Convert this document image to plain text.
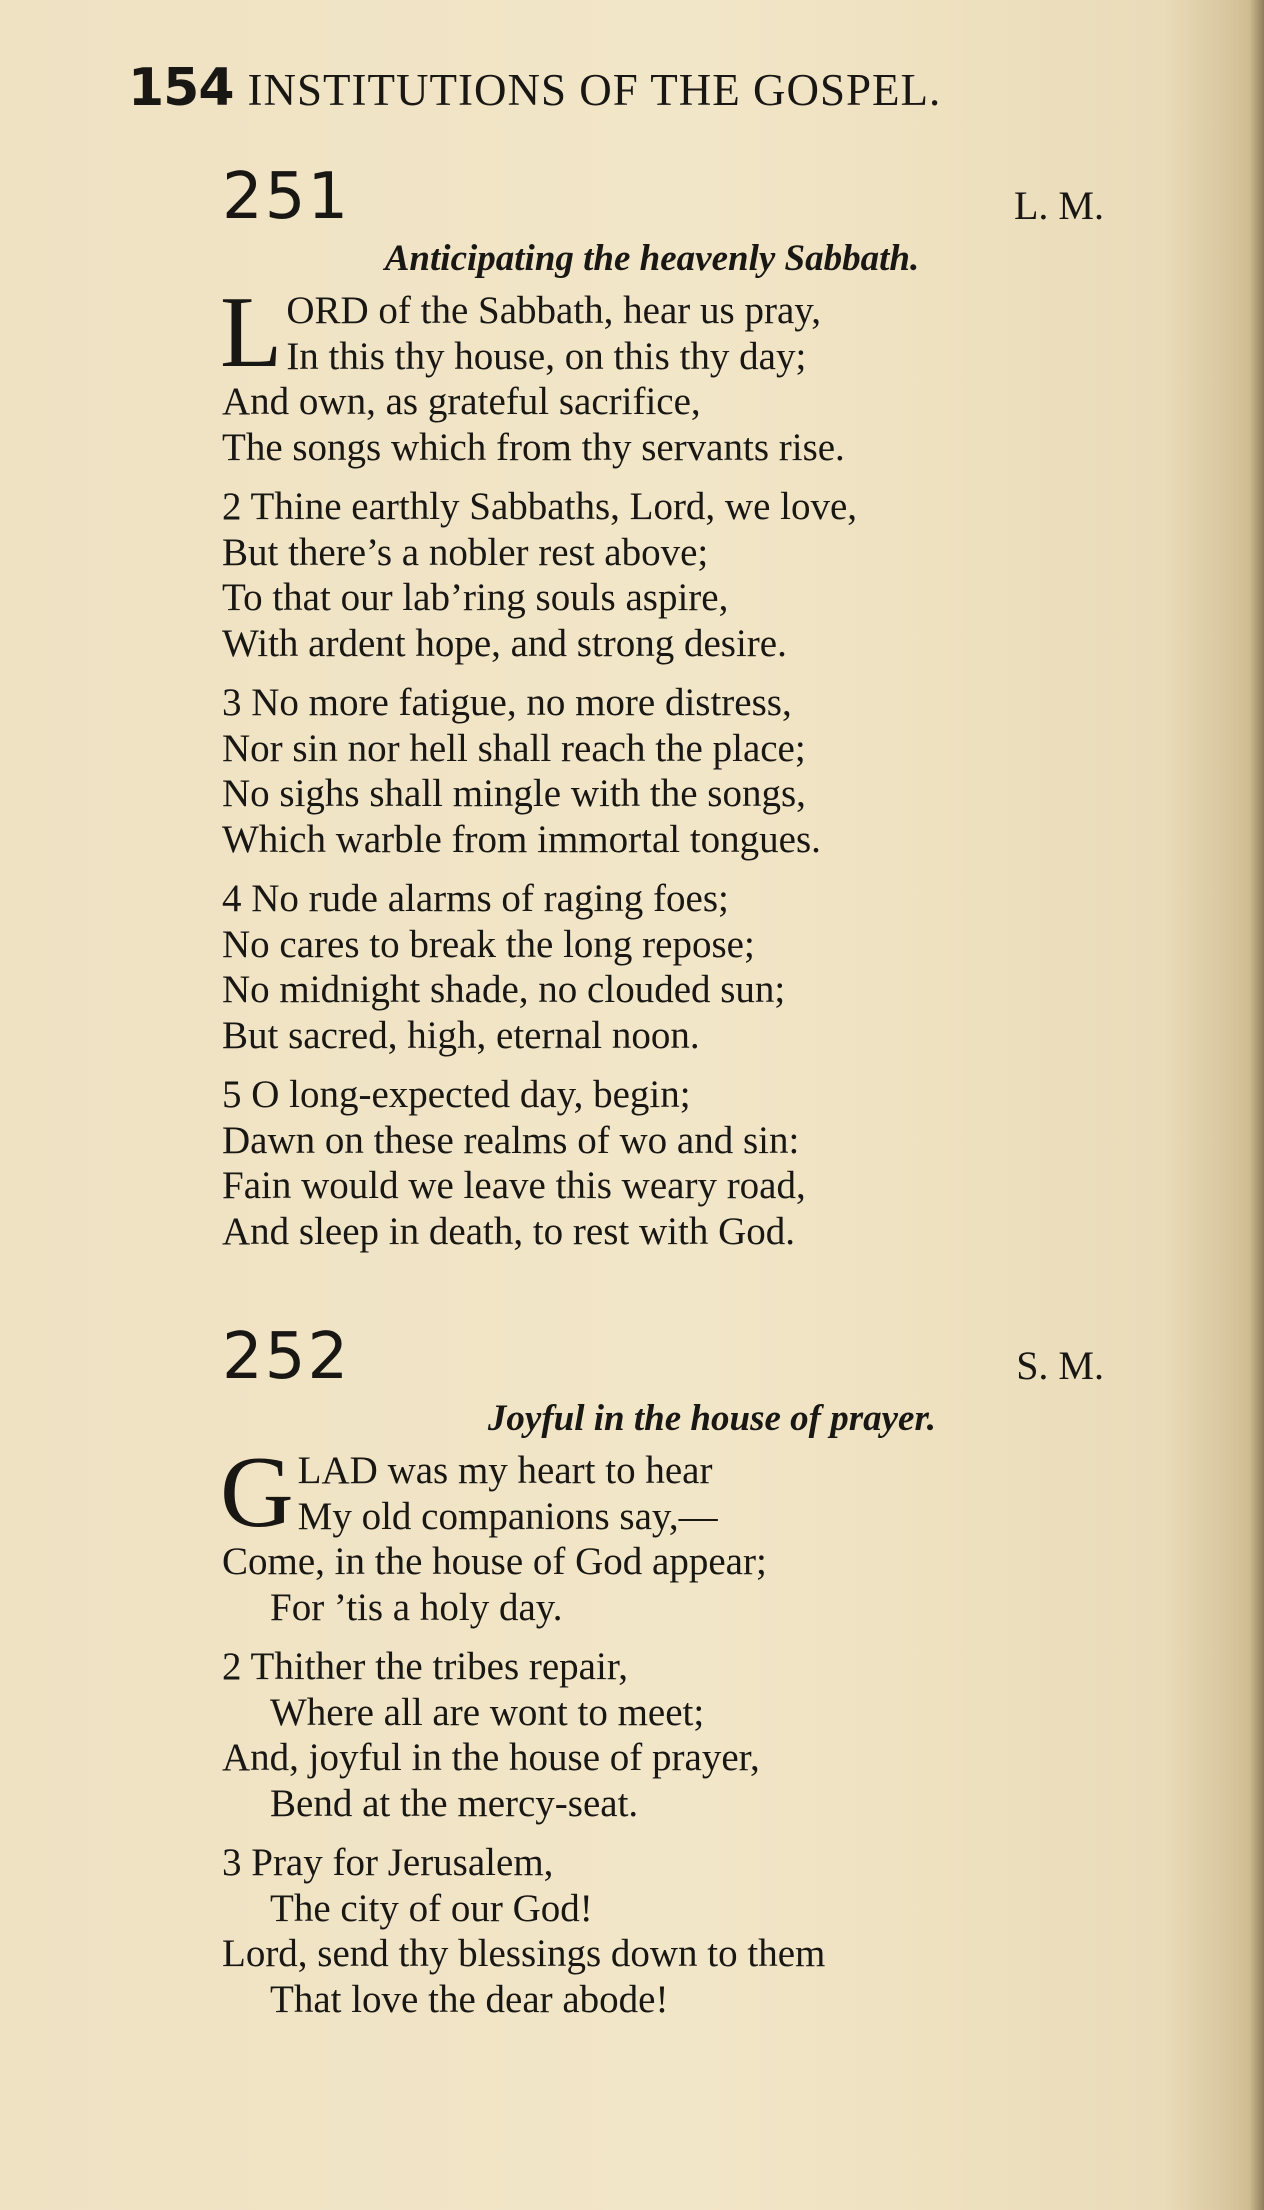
154 INSTITUTIONS OF THE GOSPEL.
251	L. M.
Anticipating the heavenly Sabbath.
L ORD of the Sabbath, hear us pray,
In this thy house, on this thy day;
And own, as grateful sacrifice,
The songs which from thy servants rise.
2 Thine earthly Sabbaths, Lord, we love,
But there’s a nobler rest above;
To that our lab’ring souls aspire,
With ardent hope, and strong desire.
3 No more fatigue, no more distress,
Nor sin nor hell shall reach the place;
No sighs shall mingle with the songs,
Which warble from immortal tongues.
4 No rude alarms of raging foes;
No cares to break the long repose;
No midnight shade, no clouded sun;
But sacred, high, eternal noon.
5 O long-expected day, begin;
Dawn on these realms of wo and sin:
Fain would we leave this weary road,
And sleep in death, to rest with God.
252	S. M.
Joyful in the house of prayer.
G LAD was my heart to hear
My old companions say,—
Come, in the house of God appear;
For ’tis a holy day.
2 Thither the tribes repair,
Where all are wont to meet;
And, joyful in the house of prayer,
Bend at the mercy-seat.
3 Pray for Jerusalem,
The city of our God!
Lord, send thy blessings down to them
That love the dear abode!
